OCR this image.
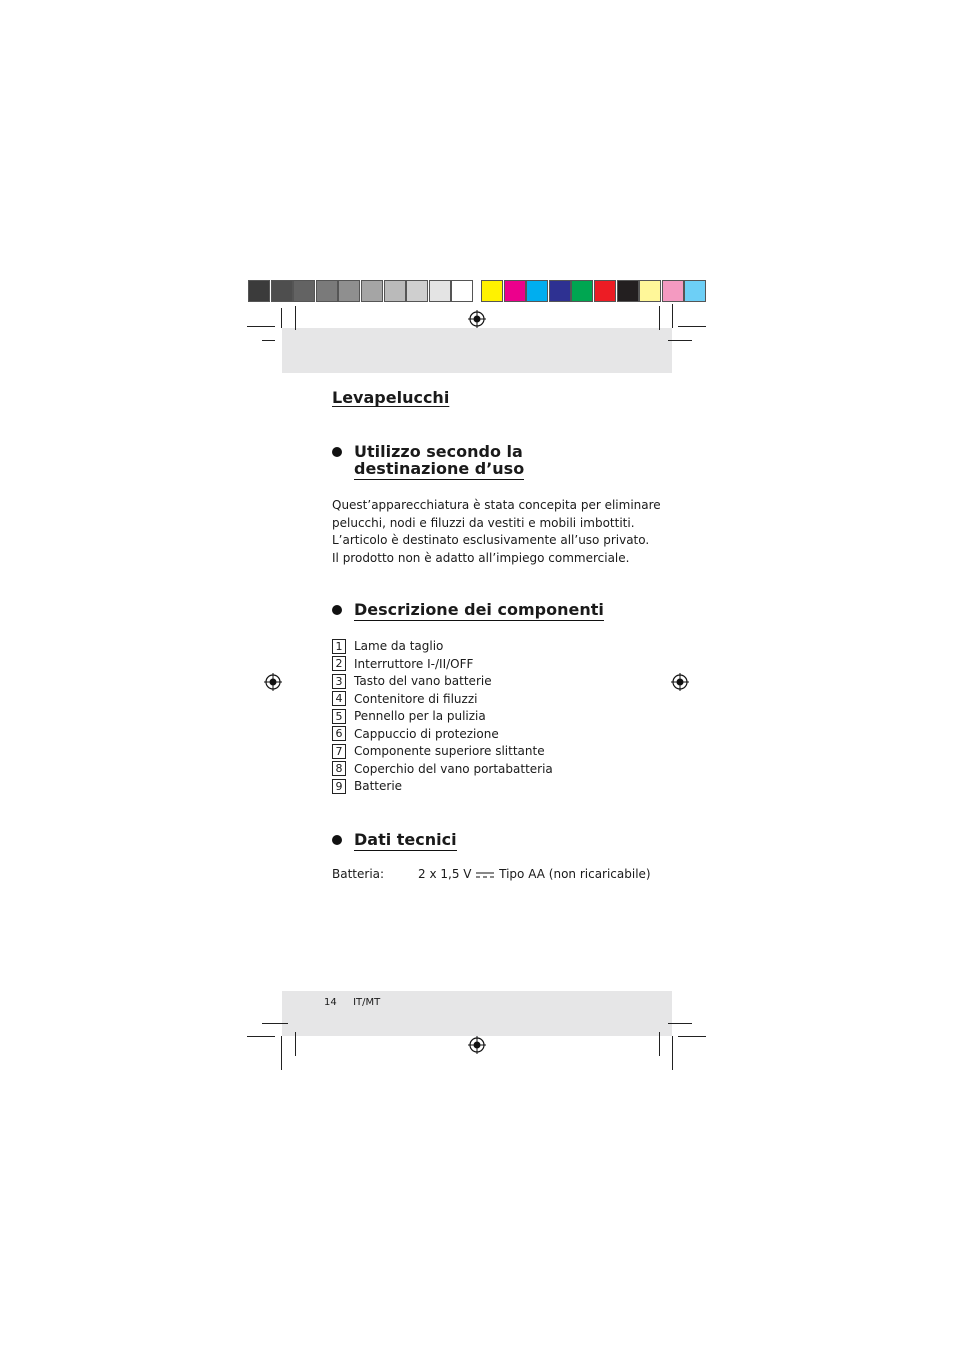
Levapelucchi
Utilizzo secondo la
destinazione d’uso
Quest’apparecchiatura è stata concepita per eliminare
pelucchi, nodi e filuzzi da vestiti e mobili imbottiti.
L’articolo è destinato esclusivamente all’uso privato.
Il prodotto non è adatto all’impiego commerciale.
Descrizione dei componenti
1 Lame da taglio
2 Interruttore I-/II/OFF
3 Tasto del vano batterie
4 Contenitore di filuzzi
5 Pennello per la pulizia
6 Cappuccio di protezione
7 Componente superiore slittante
8 Coperchio del vano portabatteria
9 Batterie
Dati tecnici
Batteria:	2 x 1,5 V Tipo AA (non ricaricabile)
14 IT/MT
